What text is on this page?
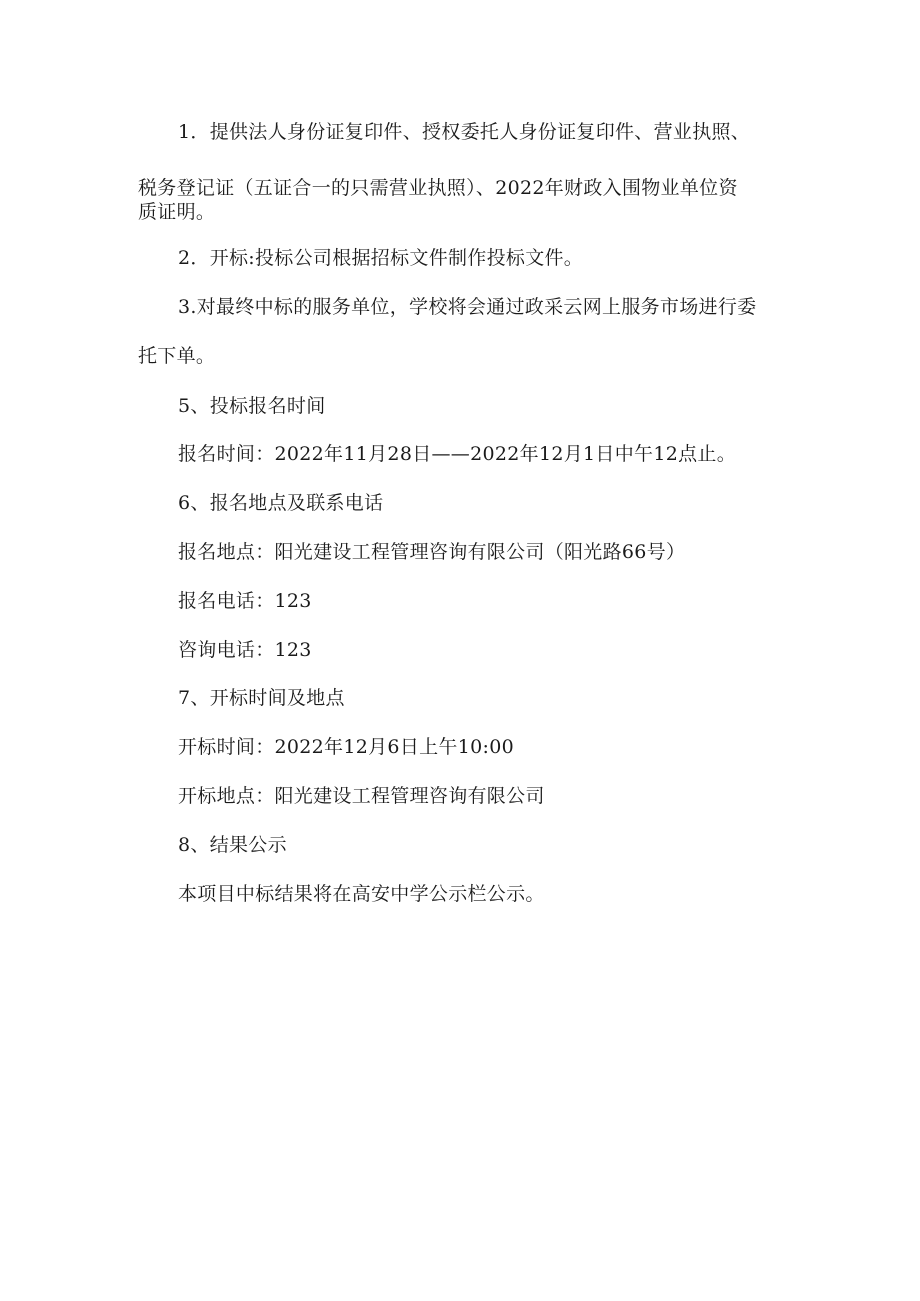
1．提供法人身份证复印件、授权委托人身份证复印件、营业执照、
税务登记证（五证合一的只需营业执照）、2022年财政入围物业单位资
质证明。
2．开标:投标公司根据招标文件制作投标文件。
3.对最终中标的服务单位，学校将会通过政采云网上服务市场进行委
托下单。
5、投标报名时间
报名时间：2022年11月28日——2022年12月1日中午12点止。
6、报名地点及联系电话
报名地点：阳光建设工程管理咨询有限公司（阳光路66号）
报名电话：123
咨询电话：123
7、开标时间及地点
开标时间：2022年12月6日上午10:00
开标地点：阳光建设工程管理咨询有限公司
8、结果公示
本项目中标结果将在高安中学公示栏公示。
